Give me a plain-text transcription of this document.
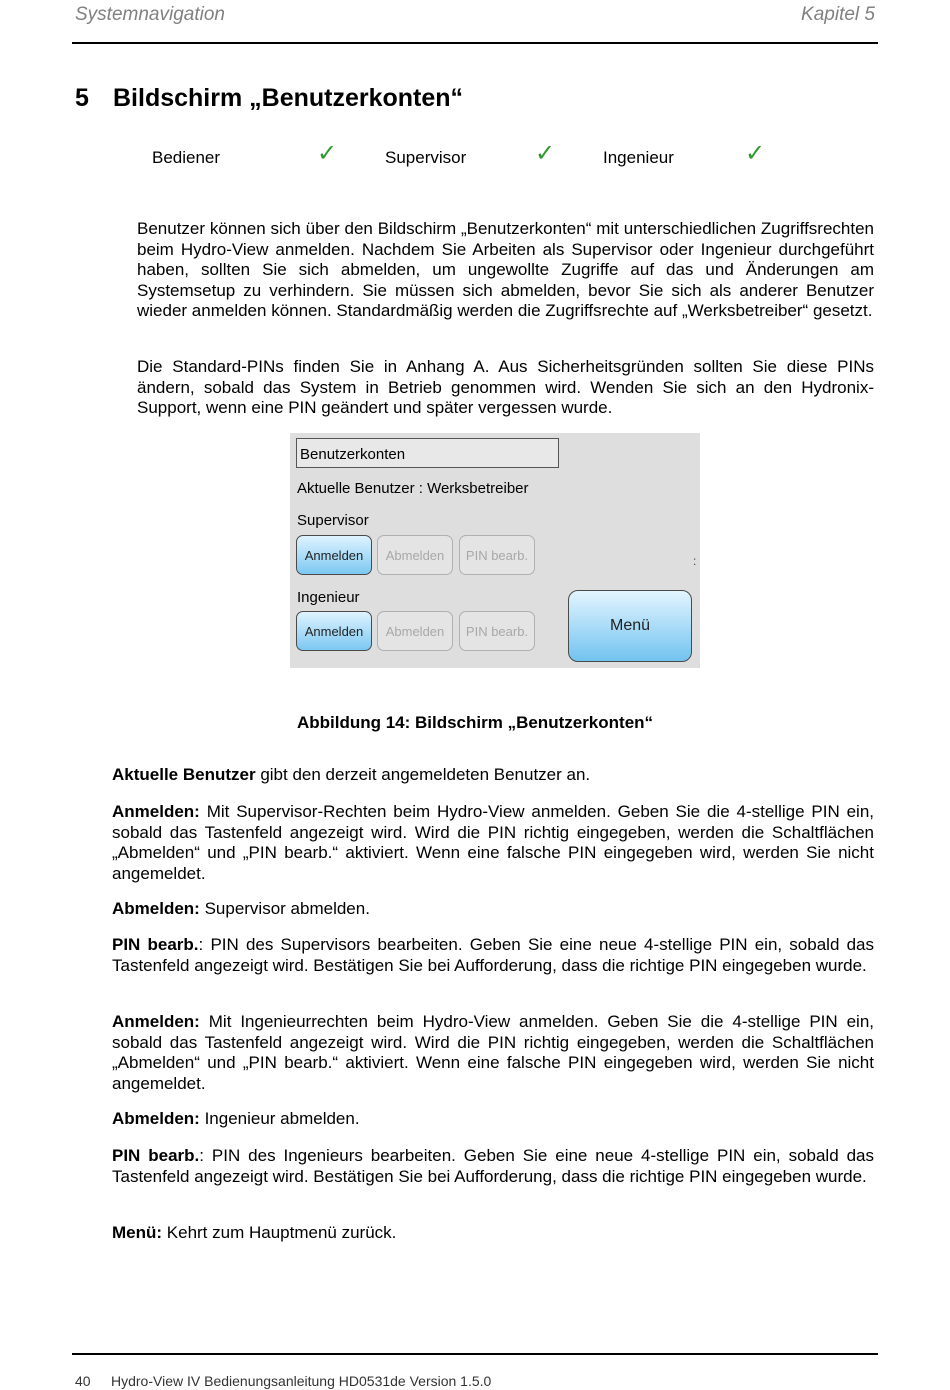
Systemnavigation	Kapitel 5
5 Bildschirm „Benutzerkonten“
Bediener	✓	Supervisor	✓	Ingenieur	✓
Benutzer können sich über den Bildschirm „Benutzerkonten“ mit unterschiedlichen Zugriffsrechten beim Hydro-View anmelden. Nachdem Sie Arbeiten als Supervisor oder Ingenieur durchgeführt haben, sollten Sie sich abmelden, um ungewollte Zugriffe auf das und Änderungen am Systemsetup zu verhindern. Sie müssen sich abmelden, bevor Sie sich als anderer Benutzer wieder anmelden können. Standardmäßig werden die Zugriffsrechte auf „Werksbetreiber“ gesetzt.
Die Standard-PINs finden Sie in Anhang A. Aus Sicherheitsgründen sollten Sie diese PINs ändern, sobald das System in Betrieb genommen wird. Wenden Sie sich an den Hydronix-Support, wenn eine PIN geändert und später vergessen wurde.
Benutzerkonten
Aktuelle Benutzer : Werksbetreiber
Supervisor
Anmelden	Abmelden	PIN bearb.	:
Ingenieur
Anmelden	Abmelden	PIN bearb.	Menü
Abbildung 14: Bildschirm „Benutzerkonten“
Aktuelle Benutzer gibt den derzeit angemeldeten Benutzer an.
Anmelden: Mit Supervisor-Rechten beim Hydro-View anmelden. Geben Sie die 4-stellige PIN ein, sobald das Tastenfeld angezeigt wird. Wird die PIN richtig eingegeben, werden die Schaltflächen „Abmelden“ und „PIN bearb.“ aktiviert. Wenn eine falsche PIN eingegeben wird, werden Sie nicht angemeldet.
Abmelden: Supervisor abmelden.
PIN bearb.: PIN des Supervisors bearbeiten. Geben Sie eine neue 4-stellige PIN ein, sobald das Tastenfeld angezeigt wird. Bestätigen Sie bei Aufforderung, dass die richtige PIN eingegeben wurde.
Anmelden: Mit Ingenieurrechten beim Hydro-View anmelden. Geben Sie die 4-stellige PIN ein, sobald das Tastenfeld angezeigt wird. Wird die PIN richtig eingegeben, werden die Schaltflächen „Abmelden“ und „PIN bearb.“ aktiviert. Wenn eine falsche PIN eingegeben wird, werden Sie nicht angemeldet.
Abmelden: Ingenieur abmelden.
PIN bearb.: PIN des Ingenieurs bearbeiten. Geben Sie eine neue 4-stellige PIN ein, sobald das Tastenfeld angezeigt wird. Bestätigen Sie bei Aufforderung, dass die richtige PIN eingegeben wurde.
Menü: Kehrt zum Hauptmenü zurück.
40 Hydro-View IV Bedienungsanleitung HD0531de Version 1.5.0
